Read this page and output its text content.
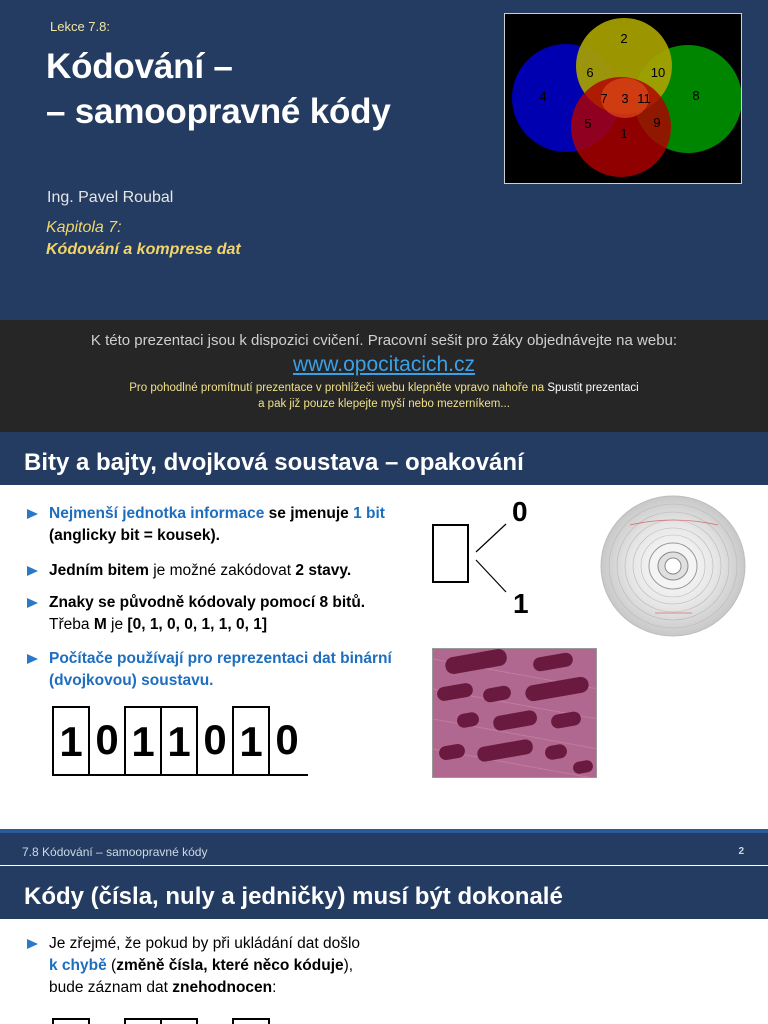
Lekce 7.8:
Kódování –
– samoopravné kódy
Ing. Pavel Roubal
Kapitola 7:
Kódování a komprese dat
1
2
3
4
5
6
7	8
9
10
11
K této prezentaci jsou k dispozici cvičení. Pracovní sešit pro žáky objednávejte na webu:
www.opocitacich.cz
Pro pohodlné promítnutí prezentace v prohlížeči webu klepněte vpravo nahoře na Spustit prezentaci
a pak již pouze klepejte myší nebo mezerníkem...
Bity a bajty, dvojková soustava – opakování
Nejmenší jednotka informace se jmenuje 1 bit
(anglicky bit = kousek).
Jedním bitem je možné zakódovat 2 stavy.
Znaky se původně kódovaly pomocí 8 bitů.
Třeba M je [0, 1, 0, 0, 1, 1, 0, 1]
Počítače používají pro reprezentaci dat binární (dvojkovou) soustavu.
1 0 1 1 0 1 0
0
1
7.8 Kódování – samoopravné kódy	2
Kódy (čísla, nuly a jedničky) musí být dokonalé
Je zřejmé, že pokud by při ukládání dat došlo
k chybě (změně čísla, které něco kóduje),
bude záznam dat znehodnocen:
